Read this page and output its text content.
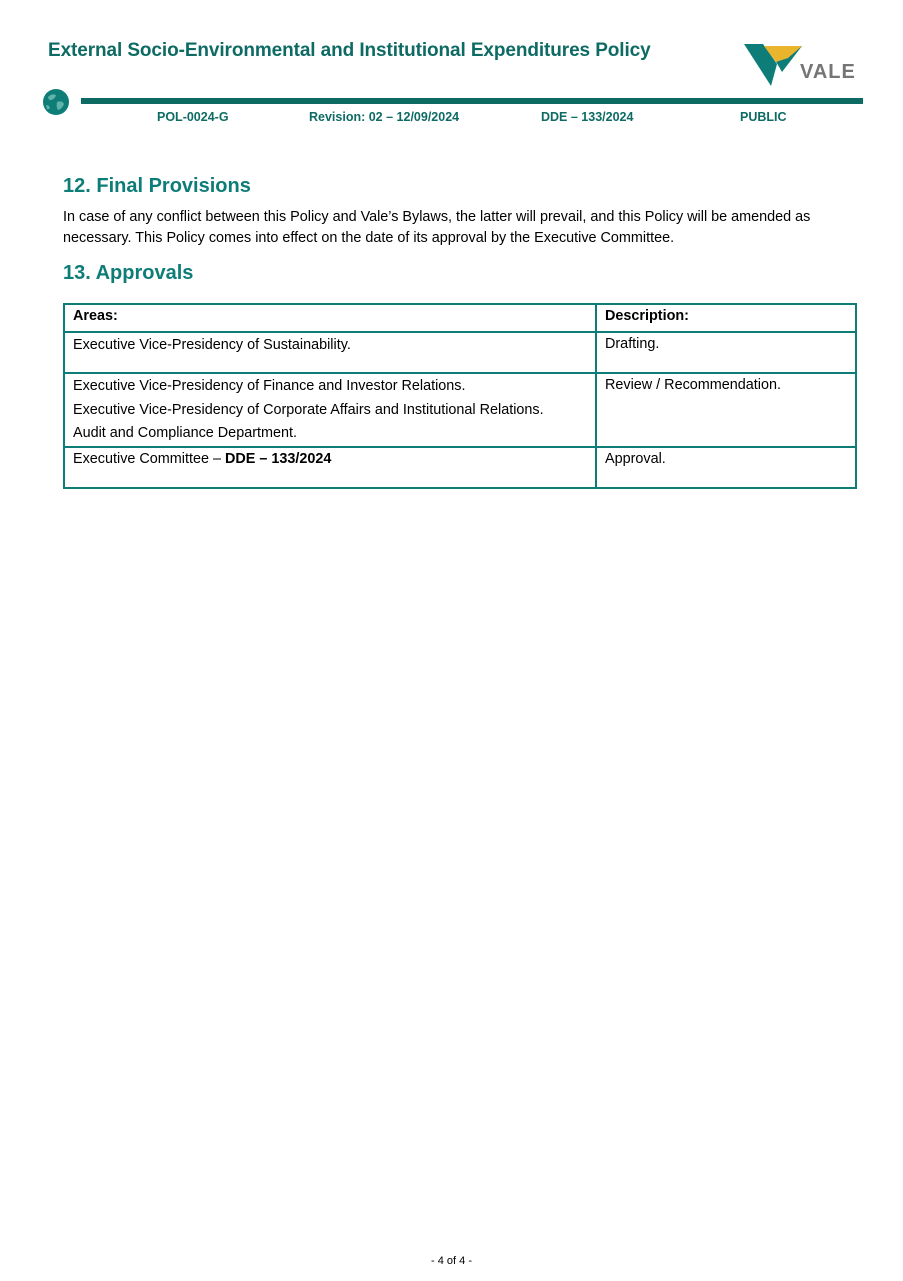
External Socio-Environmental and Institutional Expenditures Policy
VALE
POL-0024-G	Revision: 02 – 12/09/2024	DDE – 133/2024	PUBLIC
12. Final Provisions

In case of any conflict between this Policy and Vale’s Bylaws, the latter will prevail, and this Policy will be amended as necessary. This Policy comes into effect on the date of its approval by the Executive Committee.

13. Approvals
Areas:	Description:

Executive Vice-Presidency of Sustainability.	Drafting.

Executive Vice-Presidency of Finance and Investor Relations.
Executive Vice-Presidency of Corporate Affairs and Institutional Relations.
Audit and Compliance Department.	Review / Recommendation.
Executive Committee – DDE – 133/2024	Approval.
- 4 of 4 -
